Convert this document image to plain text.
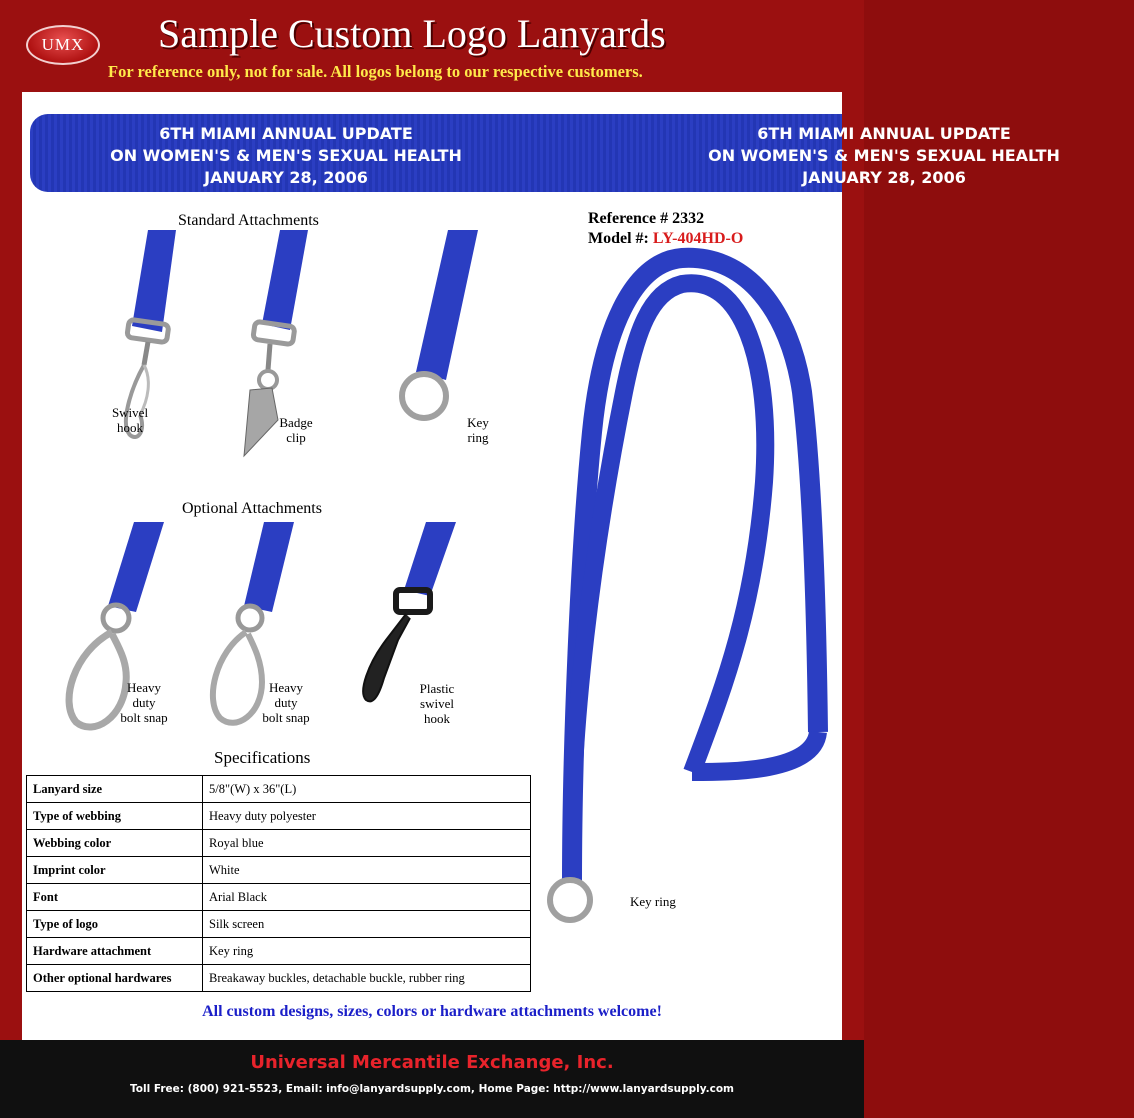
UMX	Sample Custom Logo Lanyards
For reference only, not for sale. All logos belong to our respective customers.
6TH MIAMI ANNUAL UPDATE
ON WOMEN'S & MEN'S SEXUAL HEALTH
JANUARY 28, 2006
6TH MIAMI ANNUAL UPDATE
ON WOMEN'S & MEN'S SEXUAL HEALTH
JANUARY 28, 2006
Standard Attachments
Swivel
hook	Badge
clip
Key
ring
Optional Attachments
Heavy
duty
bolt snap
Heavy
duty
bolt snap
Plastic
swivel
hook
Reference # 2332
Model #: LY-404HD-O
Key ring
Specifications
Lanyard size	5/8"(W) x 36"(L)
Type of webbing	Heavy duty polyester
Webbing color	Royal blue
Imprint color	White
Font	Arial Black
Type of logo	Silk screen
Hardware attachment	Key ring
Other optional hardwares	Breakaway buckles, detachable buckle, rubber ring
All custom designs, sizes, colors or hardware attachments welcome!
Universal Mercantile Exchange, Inc.
Toll Free: (800) 921-5523, Email: info@lanyardsupply.com, Home Page: http://www.lanyardsupply.com
